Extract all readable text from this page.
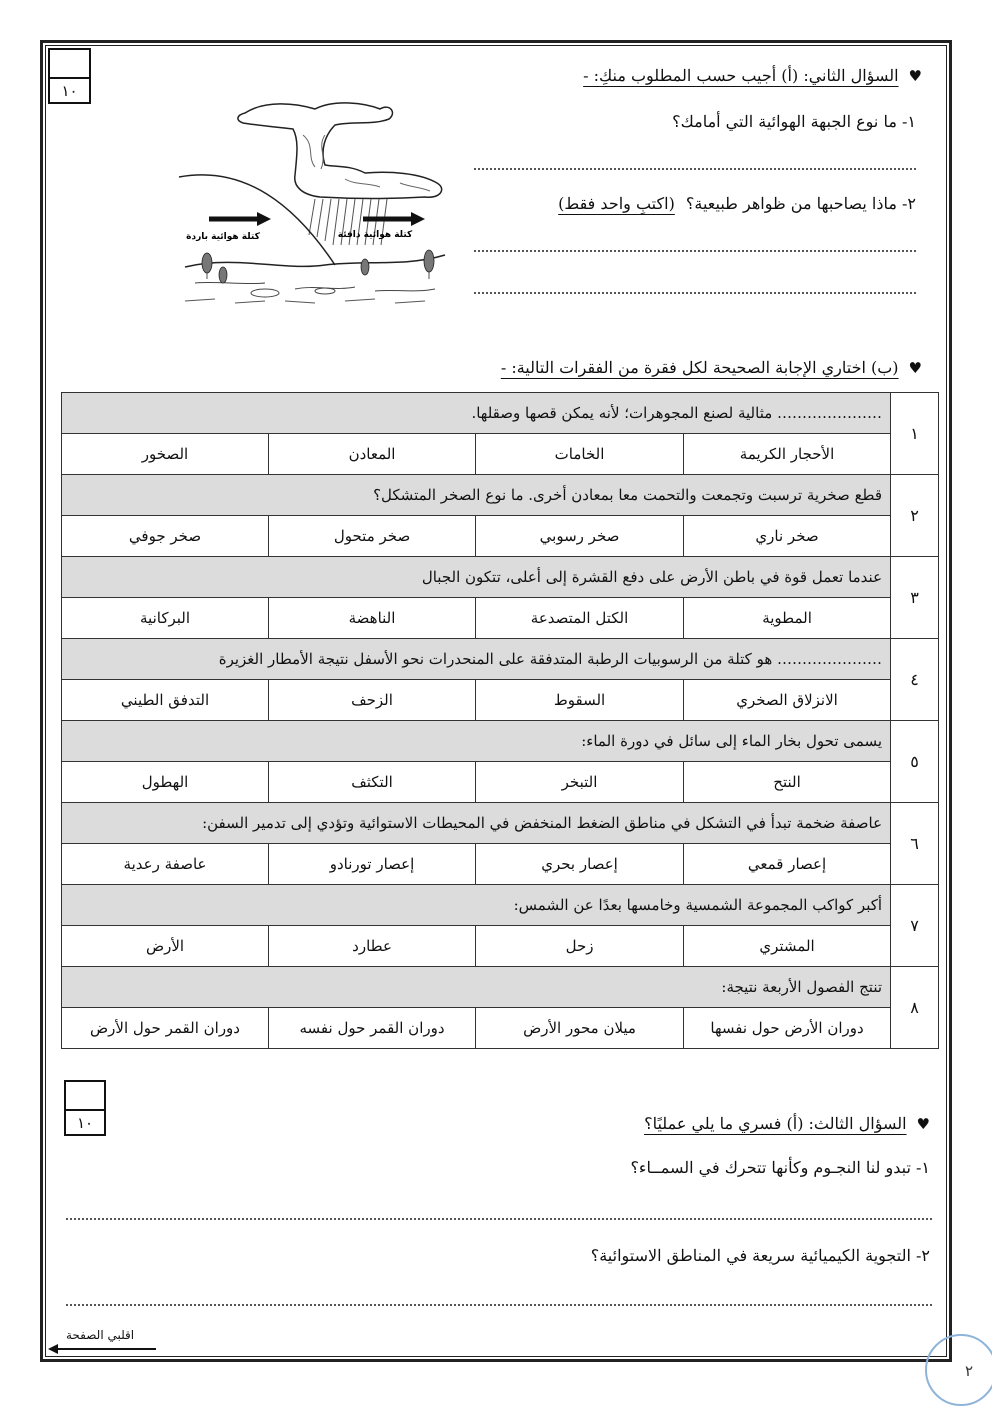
١٠
♥السؤال الثاني: (أ) أجيب حسب المطلوب منكِ: -
١- ما نوع الجبهة الهوائية التي أمامك؟
٢- ماذا يصاحبها من ظواهر طبيعية؟ (اكتبِ واحد فقط)
كتلة هوائية باردة	كتلة هوائية دافئة
♥(ب) اختاري الإجابة الصحيحة لكل فقرة من الفقرات التالية: -
١	………………… مثالية لصنع المجوهرات؛ لأنه يمكن قصها وصقلها.			
	الأحجار الكريمة	الخامات	المعادن	الصخور
٢	قطع صخرية ترسبت وتجمعت والتحمت معا بمعادن أخرى. ما نوع الصخر المتشكل؟			
	صخر ناري	صخر رسوبي	صخر متحول	صخر جوفي
٣	عندما تعمل قوة في باطن الأرض على دفع القشرة إلى أعلى، تتكون الجبال			
	المطوية	الكتل المتصدعة	الناهضة	البركانية
٤	………………… هو كتلة من الرسوبيات الرطبة المتدفقة على المنحدرات نحو الأسفل نتيجة الأمطار الغزيرة			
	الانزلاق الصخري	السقوط	الزحف	التدفق الطيني
٥	يسمى تحول بخار الماء إلى سائل في دورة الماء:			
	النتح	التبخر	التكثف	الهطول
٦	عاصفة ضخمة تبدأ في التشكل في مناطق الضغط المنخفض في المحيطات الاستوائية وتؤدي إلى تدمير السفن:			
	إعصار قمعي	إعصار بحري	إعصار تورنادو	عاصفة رعدية
٧	أكبر كواكب المجموعة الشمسية وخامسها بعدًا عن الشمس:			
	المشتري	زحل	عطارد	الأرض
٨	تنتج الفصول الأربعة نتيجة:			
	دوران الأرض حول نفسها	ميلان محور الأرض	دوران القمر حول نفسه	دوران القمر حول الأرض
١٠	♥السؤال الثالث: (أ) فسري ما يلي عمليًا؟
١- تبدو لنا النجـوم وكأنها تتحرك في السمــاء؟
٢- التجوية الكيميائية سريعة في المناطق الاستوائية؟
اقلبي الصفحة
٢
